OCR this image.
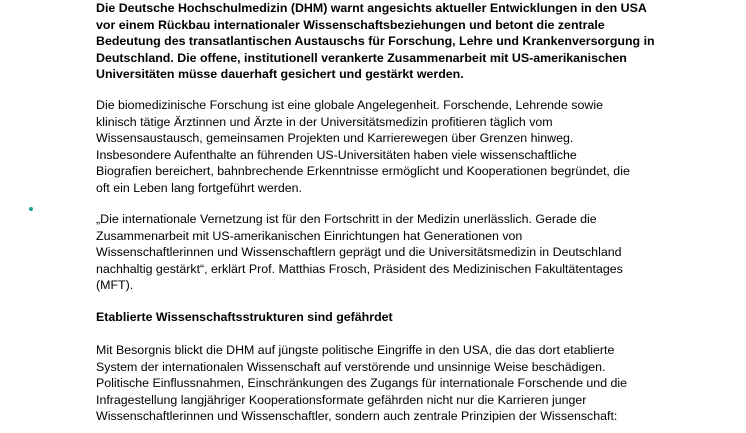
Die Deutsche Hochschulmedizin (DHM) warnt angesichts aktueller Entwicklungen in den USA
vor einem Rückbau internationaler Wissenschaftsbeziehungen und betont die zentrale
Bedeutung des transatlantischen Austauschs für Forschung, Lehre und Krankenversorgung in
Deutschland. Die offene, institutionell verankerte Zusammenarbeit mit US-amerikanischen
Universitäten müsse dauerhaft gesichert und gestärkt werden.

Die biomedizinische Forschung ist eine globale Angelegenheit. Forschende, Lehrende sowie
klinisch tätige Ärztinnen und Ärzte in der Universitätsmedizin profitieren täglich vom
Wissensaustausch, gemeinsamen Projekten und Karrierewegen über Grenzen hinweg.
Insbesondere Aufenthalte an führenden US-Universitäten haben viele wissenschaftliche
Biografien bereichert, bahnbrechende Erkenntnisse ermöglicht und Kooperationen begründet, die
oft ein Leben lang fortgeführt werden.

„Die internationale Vernetzung ist für den Fortschritt in der Medizin unerlässlich. Gerade die
Zusammenarbeit mit US-amerikanischen Einrichtungen hat Generationen von
Wissenschaftlerinnen und Wissenschaftlern geprägt und die Universitätsmedizin in Deutschland
nachhaltig gestärkt“, erklärt Prof. Matthias Frosch, Präsident des Medizinischen Fakultätentages
(MFT).

Etablierte Wissenschaftsstrukturen sind gefährdet

Mit Besorgnis blickt die DHM auf jüngste politische Eingriffe in den USA, die das dort etablierte
System der internationalen Wissenschaft auf verstörende und unsinnige Weise beschädigen.
Politische Einflussnahmen, Einschränkungen des Zugangs für internationale Forschende und die
Infragestellung langjähriger Kooperationsformate gefährden nicht nur die Karrieren junger
Wissenschaftlerinnen und Wissenschaftler, sondern auch zentrale Prinzipien der Wissenschaft:
